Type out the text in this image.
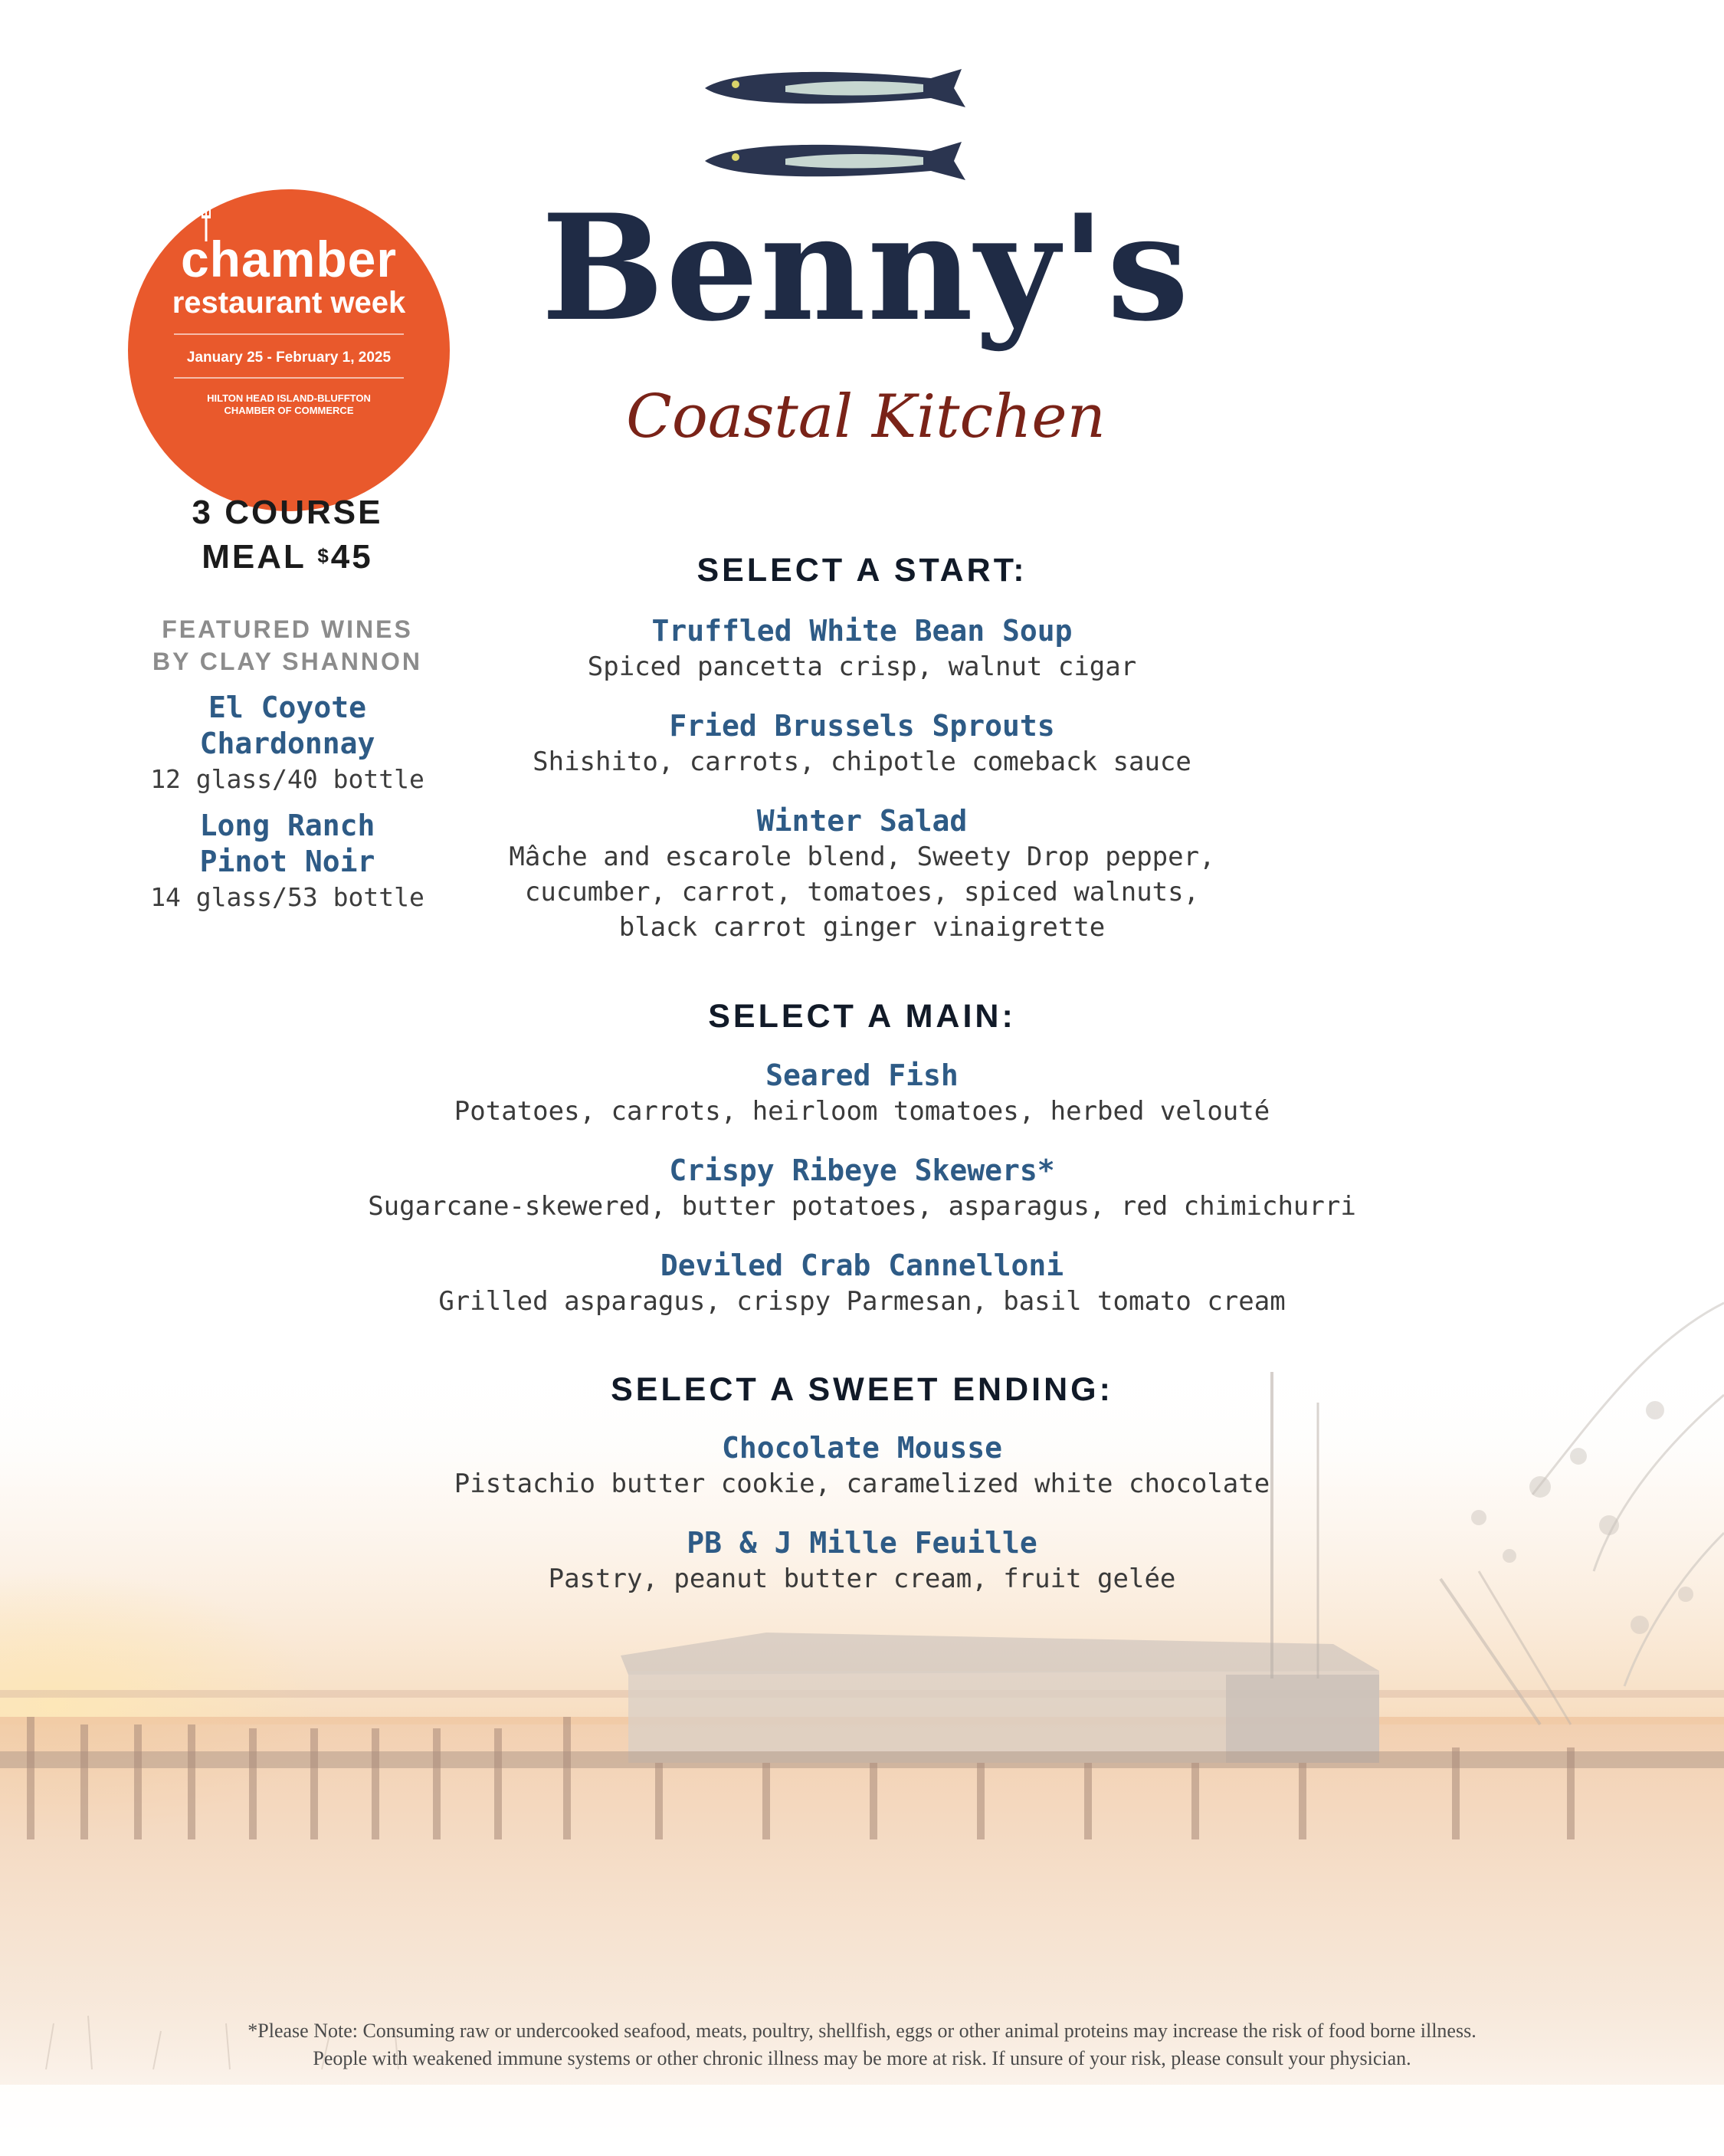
Benny's
Coastal Kitchen
chamber
restaurant week
January 25 - February 1, 2025
HILTON HEAD ISLAND-BLUFFTON
CHAMBER OF COMMERCE
3 COURSE
MEAL $45
FEATURED WINES
BY CLAY SHANNON
El Coyote
Chardonnay
12 glass/40 bottle
Long Ranch
Pinot Noir
14 glass/53 bottle
SELECT A START:
Truffled White Bean Soup
Spiced pancetta crisp, walnut cigar
Fried Brussels Sprouts
Shishito, carrots, chipotle comeback sauce
Winter Salad
Mâche and escarole blend, Sweety Drop pepper,
cucumber, carrot, tomatoes, spiced walnuts,
black carrot ginger vinaigrette
SELECT A MAIN:
Seared Fish
Potatoes, carrots, heirloom tomatoes, herbed velouté
Crispy Ribeye Skewers*
Sugarcane-skewered, butter potatoes, asparagus, red chimichurri
Deviled Crab Cannelloni
Grilled asparagus, crispy Parmesan, basil tomato cream
SELECT A SWEET ENDING:
Chocolate Mousse
Pistachio butter cookie, caramelized white chocolate
PB & J Mille Feuille
Pastry, peanut butter cream, fruit gelée
*Please Note: Consuming raw or undercooked seafood, meats, poultry, shellfish, eggs or other animal proteins may increase the risk of food borne illness.
People with weakened immune systems or other chronic illness may be more at risk. If unsure of your risk, please consult your physician.
